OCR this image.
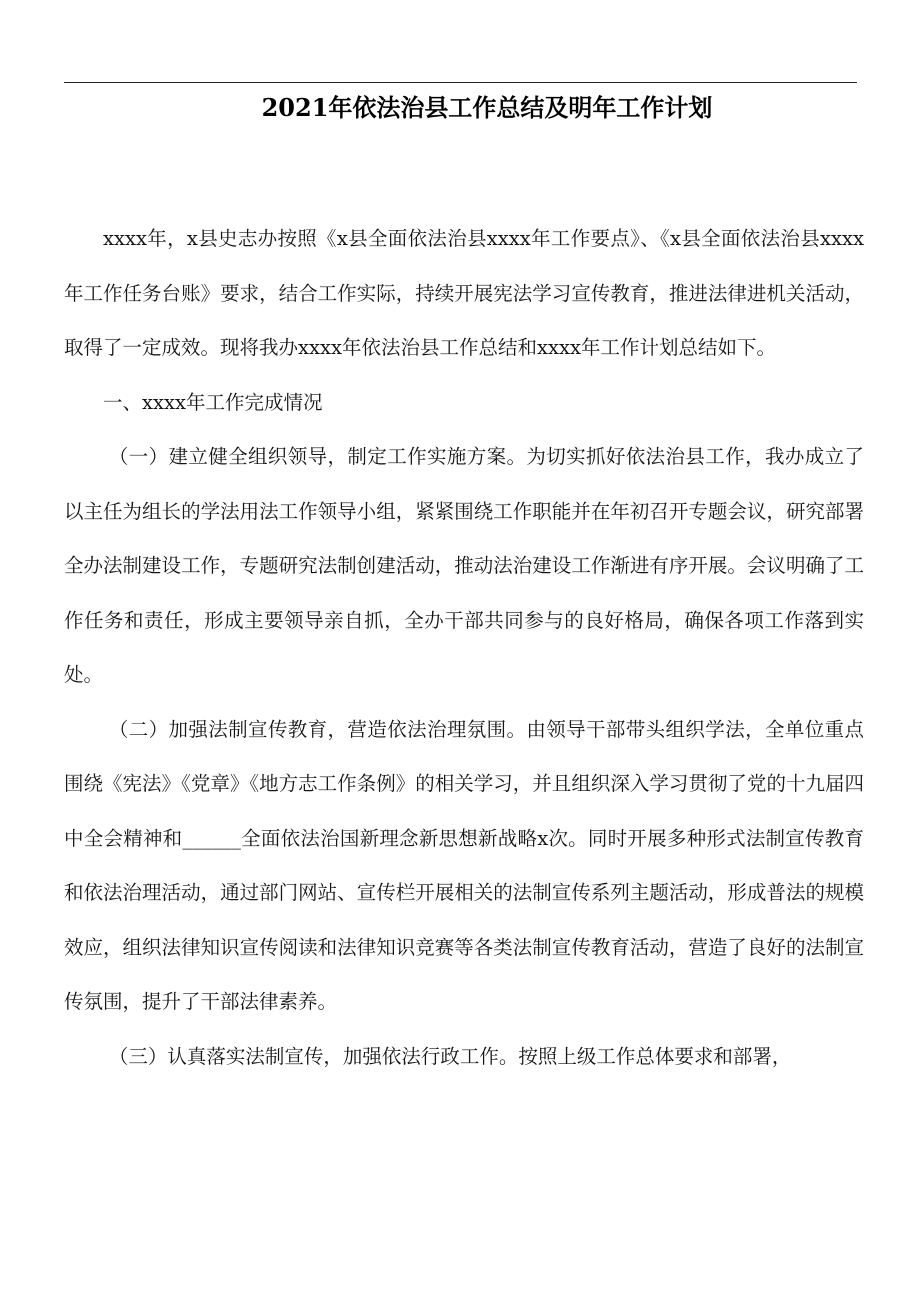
2021年依法治县工作总结及明年工作计划

xxxx年，x县史志办按照《x县全面依法治县xxxx年工作要点》、《x县全面依法治县xxxx年工作任务台账》要求，结合工作实际，持续开展宪法学习宣传教育，推进法律进机关活动，取得了一定成效。现将我办xxxx年依法治县工作总结和xxxx年工作计划总结如下。

一、xxxx年工作完成情况

（一）建立健全组织领导，制定工作实施方案。为切实抓好依法治县工作，我办成立了以主任为组长的学法用法工作领导小组，紧紧围绕工作职能并在年初召开专题会议，研究部署全办法制建设工作，专题研究法制创建活动，推动法治建设工作渐进有序开展。会议明确了工作任务和责任，形成主要领导亲自抓，全办干部共同参与的良好格局，确保各项工作落到实处。

（二）加强法制宣传教育，营造依法治理氛围。由领导干部带头组织学法，全单位重点围绕《宪法》《党章》《地方志工作条例》的相关学习，并且组织深入学习贯彻了党的十九届四中全会精神和______全面依法治国新理念新思想新战略x次。同时开展多种形式法制宣传教育和依法治理活动，通过部门网站、宣传栏开展相关的法制宣传系列主题活动，形成普法的规模效应，组织法律知识宣传阅读和法律知识竞赛等各类法制宣传教育活动，营造了良好的法制宣传氛围，提升了干部法律素养。

（三）认真落实法制宣传，加强依法行政工作。按照上级工作总体要求和部署，
